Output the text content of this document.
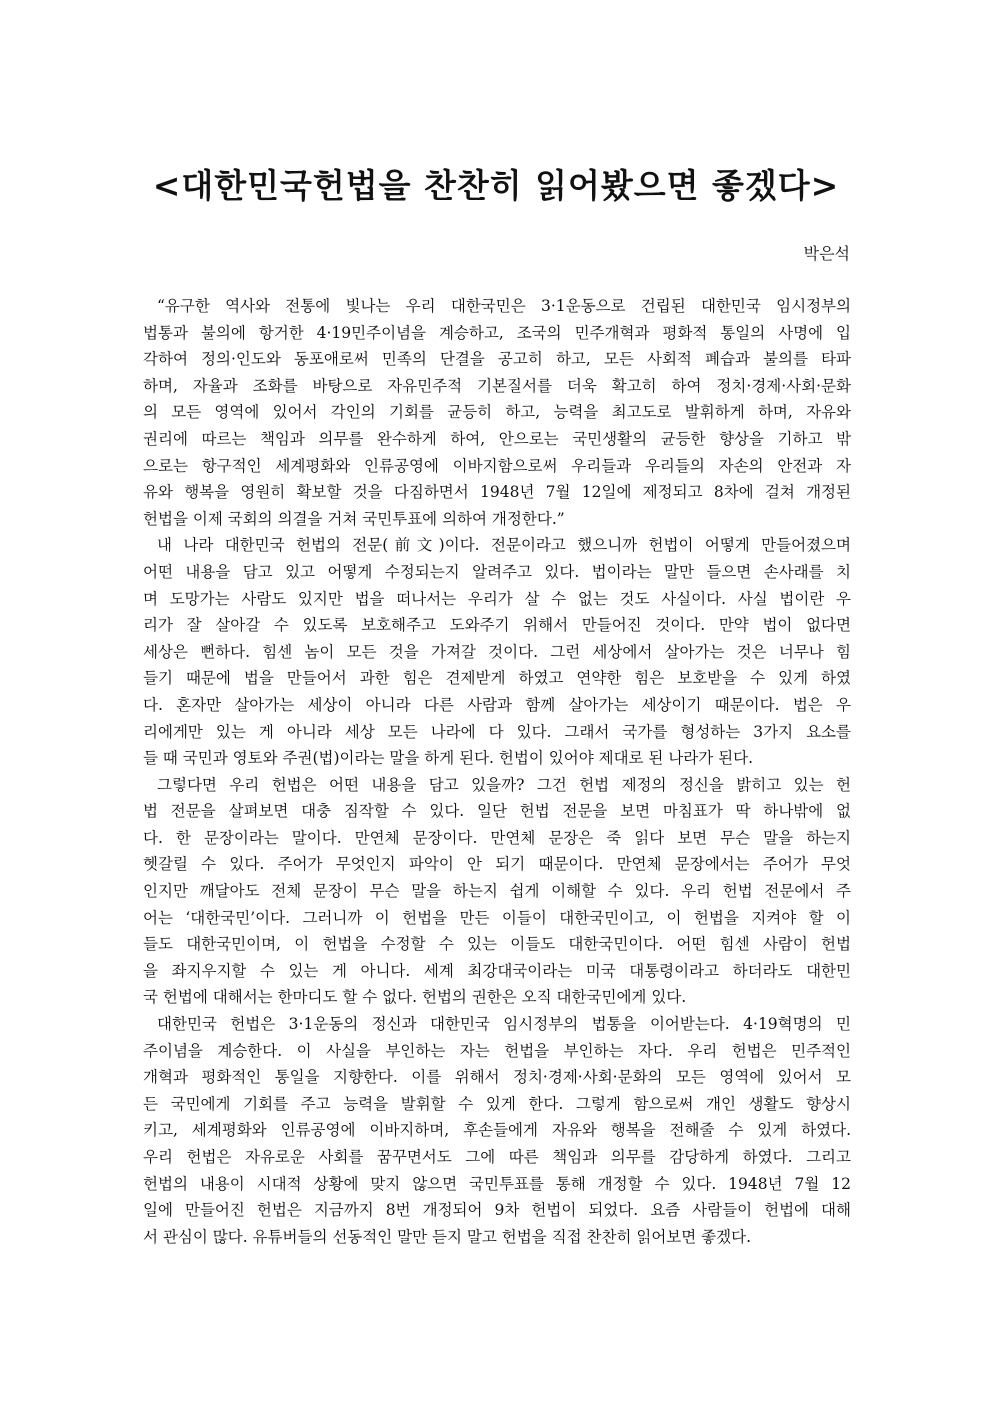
<대한민국헌법을 찬찬히 읽어봤으면 좋겠다>
박은석
“유구한 역사와 전통에 빛나는 우리 대한국민은 3·1운동으로 건립된 대한민국 임시정부의
법통과 불의에 항거한 4·19민주이념을 계승하고, 조국의 민주개혁과 평화적 통일의 사명에 입
각하여 정의·인도와 동포애로써 민족의 단결을 공고히 하고, 모든 사회적 폐습과 불의를 타파
하며, 자율과 조화를 바탕으로 자유민주적 기본질서를 더욱 확고히 하여 정치·경제·사회·문화
의 모든 영역에 있어서 각인의 기회를 균등히 하고, 능력을 최고도로 발휘하게 하며, 자유와
권리에 따르는 책임과 의무를 완수하게 하여, 안으로는 국민생활의 균등한 향상을 기하고 밖
으로는 항구적인 세계평화와 인류공영에 이바지함으로써 우리들과 우리들의 자손의 안전과 자
유와 행복을 영원히 확보할 것을 다짐하면서 1948년 7월 12일에 제정되고 8차에 걸쳐 개정된
헌법을 이제 국회의 의결을 거쳐 국민투표에 의하여 개정한다.”
내 나라 대한민국 헌법의 전문(前文)이다. 전문이라고 했으니까 헌법이 어떻게 만들어졌으며
어떤 내용을 담고 있고 어떻게 수정되는지 알려주고 있다. 법이라는 말만 들으면 손사래를 치
며 도망가는 사람도 있지만 법을 떠나서는 우리가 살 수 없는 것도 사실이다. 사실 법이란 우
리가 잘 살아갈 수 있도록 보호해주고 도와주기 위해서 만들어진 것이다. 만약 법이 없다면
세상은 뻔하다. 힘센 놈이 모든 것을 가져갈 것이다. 그런 세상에서 살아가는 것은 너무나 힘
들기 때문에 법을 만들어서 과한 힘은 견제받게 하였고 연약한 힘은 보호받을 수 있게 하였
다. 혼자만 살아가는 세상이 아니라 다른 사람과 함께 살아가는 세상이기 때문이다. 법은 우
리에게만 있는 게 아니라 세상 모든 나라에 다 있다. 그래서 국가를 형성하는 3가지 요소를
들 때 국민과 영토와 주권(법)이라는 말을 하게 된다. 헌법이 있어야 제대로 된 나라가 된다.
그렇다면 우리 헌법은 어떤 내용을 담고 있을까? 그건 헌법 제정의 정신을 밝히고 있는 헌
법 전문을 살펴보면 대충 짐작할 수 있다. 일단 헌법 전문을 보면 마침표가 딱 하나밖에 없
다. 한 문장이라는 말이다. 만연체 문장이다. 만연체 문장은 죽 읽다 보면 무슨 말을 하는지
헷갈릴 수 있다. 주어가 무엇인지 파악이 안 되기 때문이다. 만연체 문장에서는 주어가 무엇
인지만 깨달아도 전체 문장이 무슨 말을 하는지 쉽게 이해할 수 있다. 우리 헌법 전문에서 주
어는 ‘대한국민’이다. 그러니까 이 헌법을 만든 이들이 대한국민이고, 이 헌법을 지켜야 할 이
들도 대한국민이며, 이 헌법을 수정할 수 있는 이들도 대한국민이다. 어떤 힘센 사람이 헌법
을 좌지우지할 수 있는 게 아니다. 세계 최강대국이라는 미국 대통령이라고 하더라도 대한민
국 헌법에 대해서는 한마디도 할 수 없다. 헌법의 권한은 오직 대한국민에게 있다.
대한민국 헌법은 3·1운동의 정신과 대한민국 임시정부의 법통을 이어받는다. 4·19혁명의 민
주이념을 계승한다. 이 사실을 부인하는 자는 헌법을 부인하는 자다. 우리 헌법은 민주적인
개혁과 평화적인 통일을 지향한다. 이를 위해서 정치·경제·사회·문화의 모든 영역에 있어서 모
든 국민에게 기회를 주고 능력을 발휘할 수 있게 한다. 그렇게 함으로써 개인 생활도 향상시
키고, 세계평화와 인류공영에 이바지하며, 후손들에게 자유와 행복을 전해줄 수 있게 하였다.
우리 헌법은 자유로운 사회를 꿈꾸면서도 그에 따른 책임과 의무를 감당하게 하였다. 그리고
헌법의 내용이 시대적 상황에 맞지 않으면 국민투표를 통해 개정할 수 있다. 1948년 7월 12
일에 만들어진 헌법은 지금까지 8번 개정되어 9차 헌법이 되었다. 요즘 사람들이 헌법에 대해
서 관심이 많다. 유튜버들의 선동적인 말만 듣지 말고 헌법을 직접 찬찬히 읽어보면 좋겠다.
